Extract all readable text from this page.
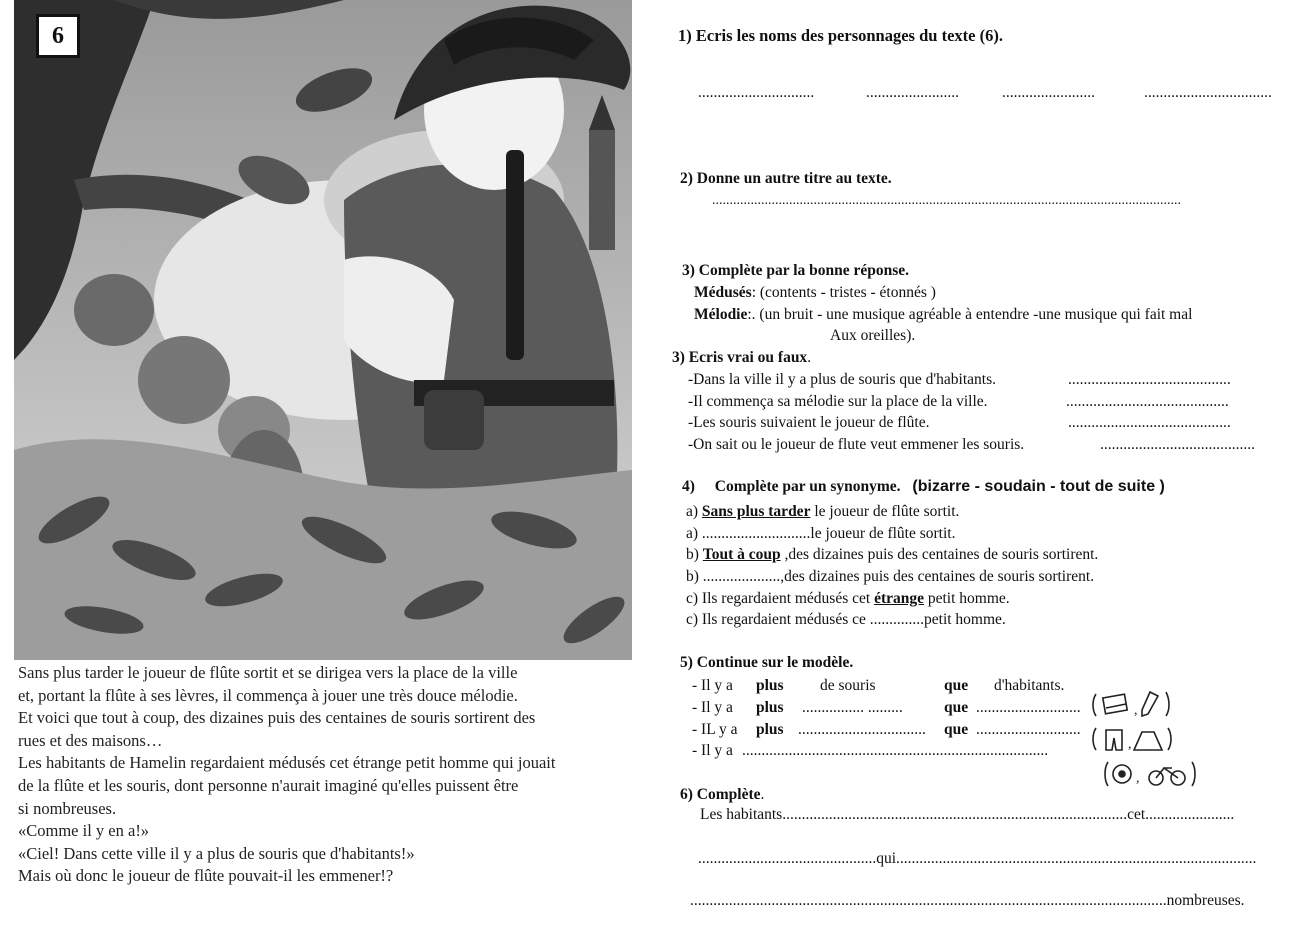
6
Sans plus tarder le joueur de flûte sortit et se dirigea vers la place de la ville
et, portant la flûte à ses lèvres, il commença à jouer une très douce mélodie.
Et voici que tout à coup, des dizaines puis des centaines de souris sortirent des
rues et des maisons…
Les habitants de Hamelin regardaient médusés cet étrange petit homme qui jouait
de la flûte et les souris, dont personne n'aurait imaginé qu'elles puissent être
si nombreuses.
«Comme il y en a!»
«Ciel! Dans cette ville il y a plus de souris que d'habitants!»
Mais où donc le joueur de flûte pouvait-il les emmener!?
1) Ecris les noms des personnages du texte (6).
..............................	........................	........................	.................................
2) Donne un autre titre au texte.
......................................................................................................................................
3) Complète par la bonne réponse.
Médusés: (contents - tristes - étonnés )
Mélodie:. (un bruit - une musique agréable à entendre -une musique qui fait mal
Aux oreilles).
3) Ecris vrai ou faux.
-Dans la ville il y a plus de souris que d'habitants.	..........................................
-Il commença sa mélodie sur la place de la ville.	..........................................
-Les souris suivaient le joueur de flûte.	..........................................
-On sait ou le joueur de flute veut emmener les souris.	........................................
4) Complète par un synonyme. (bizarre - soudain - tout de suite )
a) Sans plus tarder le joueur de flûte sortit.
a) ............................le joueur de flûte sortit.
b) Tout à coup ,des dizaines puis des centaines de souris sortirent.
b) ....................,des dizaines puis des centaines de souris sortirent.
c) Ils regardaient médusés cet étrange petit homme.
c) Ils regardaient médusés ce ..............petit homme.
5) Continue sur le modèle.
- Il y a plus de souris	que d'habitants.
- Il y a plus ................ .........	que ...........................
- IL y a plus ................................. que ...........................
- Il y a ...............................................................................
6) Complète.
Les habitants.........................................................................................cet.......................
..............................................qui.............................................................................................
...........................................................................................................................nombreuses.
,
,
,
